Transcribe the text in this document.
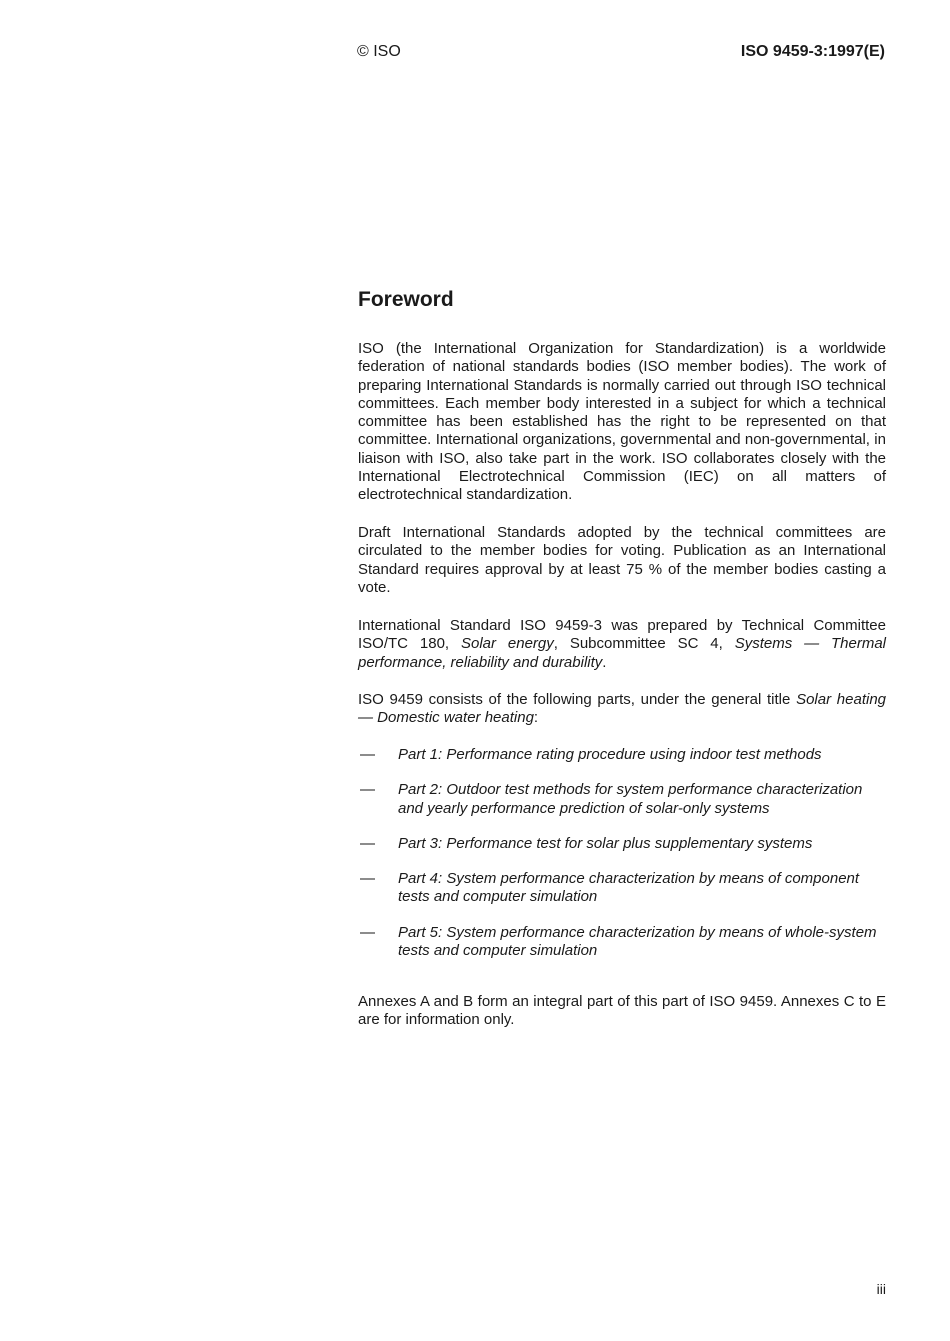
© ISO	ISO 9459-3:1997(E)
Foreword

ISO (the International Organization for Standardization) is a worldwide federation of national standards bodies (ISO member bodies). The work of preparing International Standards is normally carried out through ISO technical committees. Each member body interested in a subject for which a technical committee has been established has the right to be represented on that committee. International organizations, governmental and non-governmental, in liaison with ISO, also take part in the work. ISO collaborates closely with the International Electrotechnical Commission (IEC) on all matters of electrotechnical standardization.

Draft International Standards adopted by the technical committees are circulated to the member bodies for voting. Publication as an International Standard requires approval by at least 75 % of the member bodies casting a vote.

International Standard ISO 9459-3 was prepared by Technical Committee ISO/TC 180, Solar energy, Subcommittee SC 4, Systems — Thermal performance, reliability and durability.

ISO 9459 consists of the following parts, under the general title Solar heating — Domestic water heating:

— Part 1: Performance rating procedure using indoor test methods
— Part 2: Outdoor test methods for system performance characterization and yearly performance prediction of solar-only systems
— Part 3: Performance test for solar plus supplementary systems
— Part 4: System performance characterization by means of component tests and computer simulation
— Part 5: System performance characterization by means of whole-system tests and computer simulation

Annexes A and B form an integral part of this part of ISO 9459. Annexes C to E are for information only.

iii
